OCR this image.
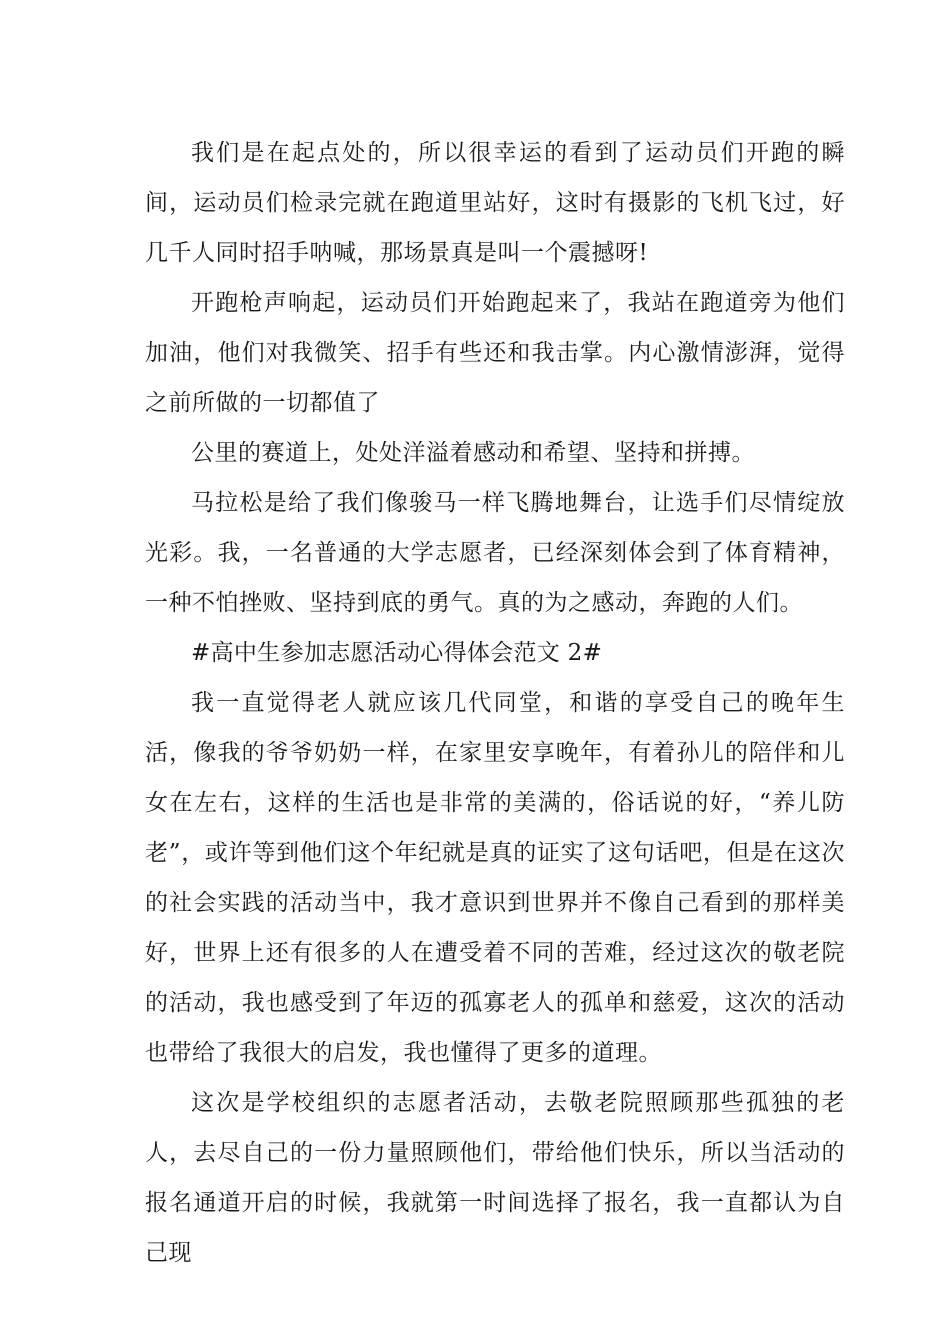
我们是在起点处的，所以很幸运的看到了运动员们开跑的瞬间，运动员们检录完就在跑道里站好，这时有摄影的飞机飞过，好几千人同时招手呐喊，那场景真是叫一个震撼呀!

开跑枪声响起，运动员们开始跑起来了，我站在跑道旁为他们加油，他们对我微笑、招手有些还和我击掌。内心激情澎湃，觉得之前所做的一切都值了

公里的赛道上，处处洋溢着感动和希望、坚持和拼搏。

马拉松是给了我们像骏马一样飞腾地舞台，让选手们尽情绽放光彩。我，一名普通的大学志愿者，已经深刻体会到了体育精神，一种不怕挫败、坚持到底的勇气。真的为之感动，奔跑的人们。

#高中生参加志愿活动心得体会范文 2#

我一直觉得老人就应该几代同堂，和谐的享受自己的晚年生活，像我的爷爷奶奶一样，在家里安享晚年，有着孙儿的陪伴和儿女在左右，这样的生活也是非常的美满的，俗话说的好，“养儿防老”，或许等到他们这个年纪就是真的证实了这句话吧，但是在这次的社会实践的活动当中，我才意识到世界并不像自己看到的那样美好，世界上还有很多的人在遭受着不同的苦难，经过这次的敬老院的活动，我也感受到了年迈的孤寡老人的孤单和慈爱，这次的活动也带给了我很大的启发，我也懂得了更多的道理。

这次是学校组织的志愿者活动，去敬老院照顾那些孤独的老人，去尽自己的一份力量照顾他们，带给他们快乐，所以当活动的报名通道开启的时候，我就第一时间选择了报名，我一直都认为自己现
